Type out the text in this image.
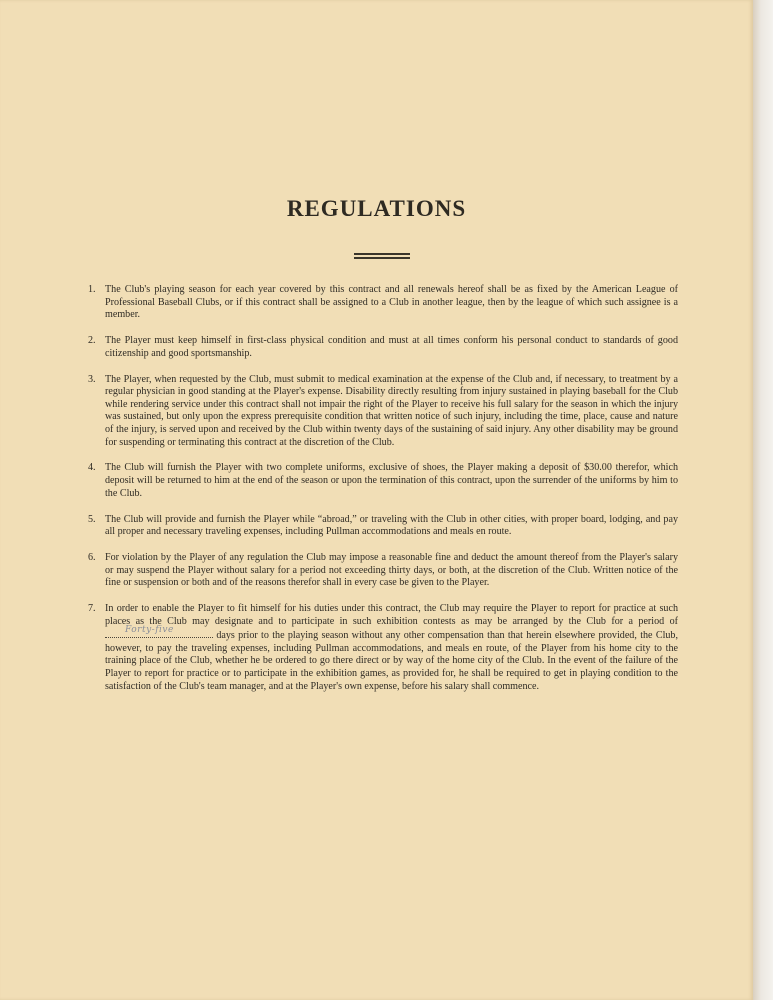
REGULATIONS
1. The Club's playing season for each year covered by this contract and all renewals hereof shall be as fixed by the American League of Professional Baseball Clubs, or if this contract shall be assigned to a Club in another league, then by the league of which such assignee is a member.
2. The Player must keep himself in first-class physical condition and must at all times conform his personal conduct to standards of good citizenship and good sportsmanship.
3. The Player, when requested by the Club, must submit to medical examination at the expense of the Club and, if necessary, to treatment by a regular physician in good standing at the Player's expense. Disability directly resulting from injury sustained in playing baseball for the Club while rendering service under this contract shall not impair the right of the Player to receive his full salary for the season in which the injury was sustained, but only upon the express prerequisite condition that written notice of such injury, including the time, place, cause and nature of the injury, is served upon and received by the Club within twenty days of the sustaining of said injury. Any other disability may be ground for suspending or terminating this contract at the discretion of the Club.
4. The Club will furnish the Player with two complete uniforms, exclusive of shoes, the Player making a deposit of $30.00 therefor, which deposit will be returned to him at the end of the season or upon the termination of this contract, upon the surrender of the uniforms by him to the Club.
5. The Club will provide and furnish the Player while “abroad,” or traveling with the Club in other cities, with proper board, lodging, and pay all proper and necessary traveling expenses, including Pullman accommodations and meals en route.
6. For violation by the Player of any regulation the Club may impose a reasonable fine and deduct the amount thereof from the Player's salary or may suspend the Player without salary for a period not exceeding thirty days, or both, at the discretion of the Club. Written notice of the fine or suspension or both and of the reasons therefor shall in every case be given to the Player.
7. In order to enable the Player to fit himself for his duties under this contract, the Club may require the Player to report for practice at such places as the Club may designate and to participate in such exhibition contests as may be arranged by the Club for a period of
Forty-five	days prior to the playing season without any other compensation than that herein elsewhere provided, the Club, however, to pay the traveling expenses, including Pullman accommodations, and meals en route, of the Player from his home city to the training place of the Club, whether he be ordered to go there direct or by way of the home city of the Club. In the event of the failure of the Player to report for practice or to participate in the exhibition games, as provided for, he shall be required to get in playing condition to the satisfaction of the Club's team manager, and at the Player's own expense, before his salary shall commence.
